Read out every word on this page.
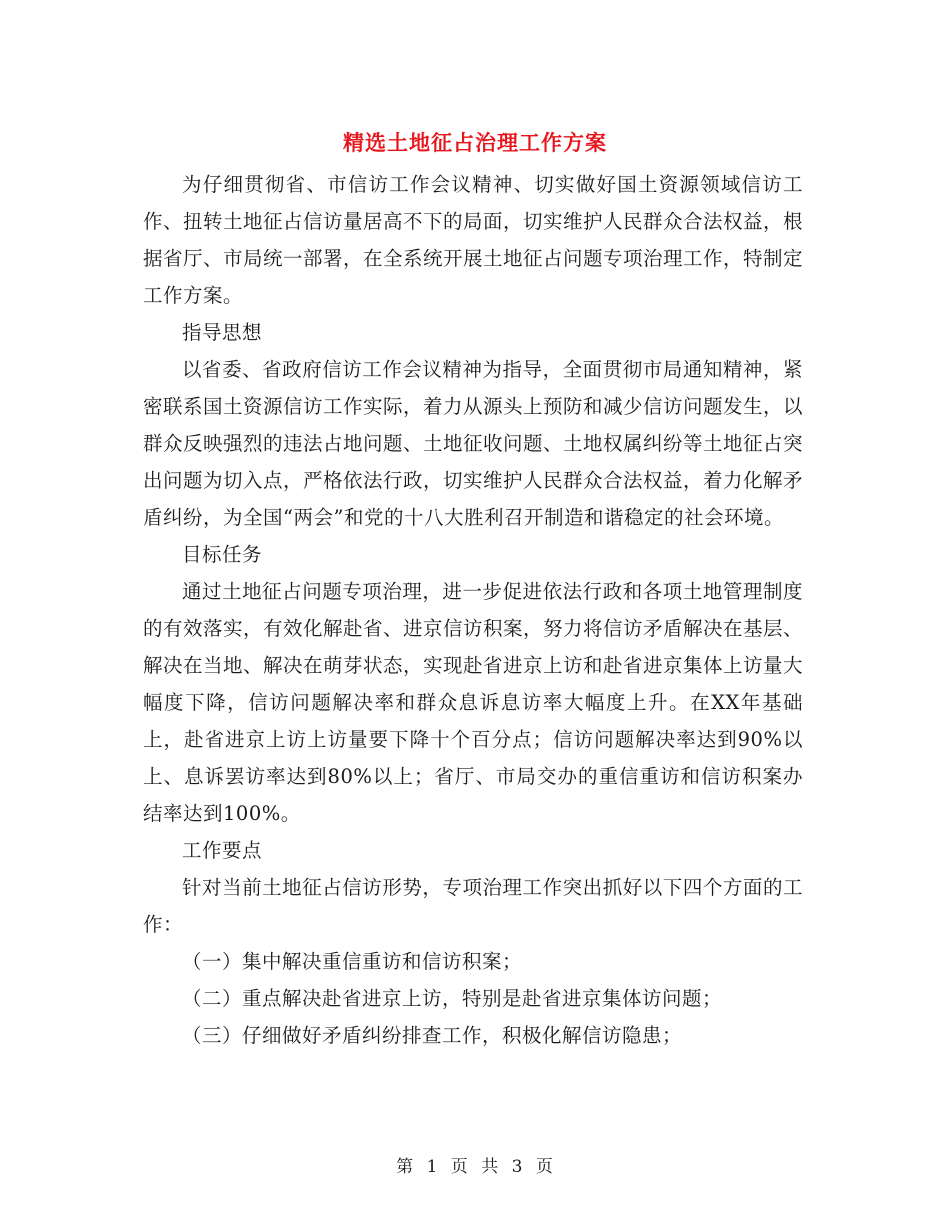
精选土地征占治理工作方案

为仔细贯彻省、市信访工作会议精神、切实做好国土资源领域信访工作、扭转土地征占信访量居高不下的局面，切实维护人民群众合法权益，根据省厅、市局统一部署，在全系统开展土地征占问题专项治理工作，特制定工作方案。

指导思想

以省委、省政府信访工作会议精神为指导，全面贯彻市局通知精神，紧密联系国土资源信访工作实际，着力从源头上预防和减少信访问题发生，以群众反映强烈的违法占地问题、土地征收问题、土地权属纠纷等土地征占突出问题为切入点，严格依法行政，切实维护人民群众合法权益，着力化解矛盾纠纷，为全国“两会”和党的十八大胜利召开制造和谐稳定的社会环境。

目标任务

通过土地征占问题专项治理，进一步促进依法行政和各项土地管理制度的有效落实，有效化解赴省、进京信访积案，努力将信访矛盾解决在基层、解决在当地、解决在萌芽状态，实现赴省进京上访和赴省进京集体上访量大幅度下降，信访问题解决率和群众息诉息访率大幅度上升。在XX年基础上，赴省进京上访上访量要下降十个百分点；信访问题解决率达到90%以上、息诉罢访率达到80%以上；省厅、市局交办的重信重访和信访积案办结率达到100%。

工作要点

针对当前土地征占信访形势，专项治理工作突出抓好以下四个方面的工作：

（一）集中解决重信重访和信访积案；

（二）重点解决赴省进京上访，特别是赴省进京集体访问题；

（三）仔细做好矛盾纠纷排查工作，积极化解信访隐患；

第 1 页 共 3 页
